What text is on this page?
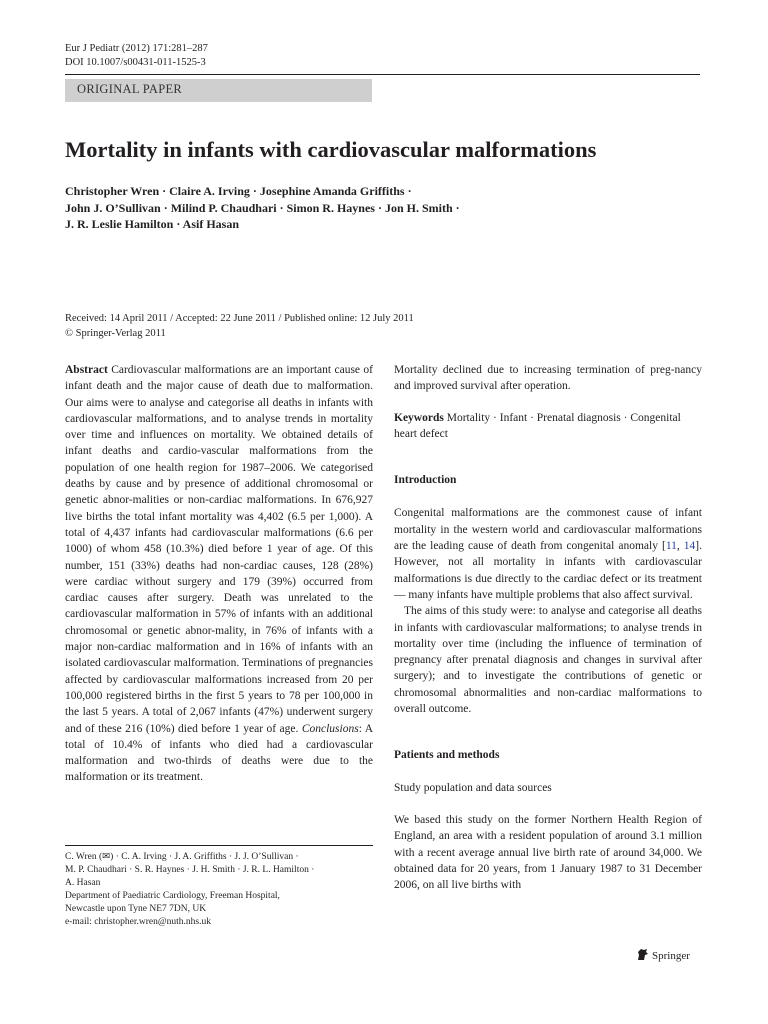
Eur J Pediatr (2012) 171:281–287
DOI 10.1007/s00431-011-1525-3
ORIGINAL PAPER
Mortality in infants with cardiovascular malformations
Christopher Wren · Claire A. Irving · Josephine Amanda Griffiths ·
John J. O’Sullivan · Milind P. Chaudhari · Simon R. Haynes · Jon H. Smith ·
J. R. Leslie Hamilton · Asif Hasan
Received: 14 April 2011 / Accepted: 22 June 2011 / Published online: 12 July 2011
© Springer-Verlag 2011

Abstract Cardiovascular malformations are an important cause of infant death and the major cause of death due to malformation. Our aims were to analyse and categorise all deaths in infants with cardiovascular malformations, and to analyse trends in mortality over time and influences on mortality. We obtained details of infant deaths and cardio-vascular malformations from the population of one health region for 1987–2006. We categorised deaths by cause and by presence of additional chromosomal or genetic abnor-malities or non-cardiac malformations. In 676,927 live births the total infant mortality was 4,402 (6.5 per 1,000). A total of 4,437 infants had cardiovascular malformations (6.6 per 1000) of whom 458 (10.3%) died before 1 year of age. Of this number, 151 (33%) deaths had non-cardiac causes, 128 (28%) were cardiac without surgery and 179 (39%) occurred from cardiac causes after surgery. Death was unrelated to the cardiovascular malformation in 57% of infants with an additional chromosomal or genetic abnor-mality, in 76% of infants with a major non-cardiac malformation and in 16% of infants with an isolated cardiovascular malformation. Terminations of pregnancies affected by cardiovascular malformations increased from 20 per 100,000 registered births in the first 5 years to 78 per 100,000 in the last 5 years. A total of 2,067 infants (47%) underwent surgery and of these 216 (10%) died before 1 year of age. Conclusions: A total of 10.4% of infants who died had a cardiovascular malformation and two-thirds of deaths were due to the malformation or its treatment.

C. Wren (✉) · C. A. Irving · J. A. Griffiths · J. J. O’Sullivan ·
M. P. Chaudhari · S. R. Haynes · J. H. Smith · J. R. L. Hamilton ·
A. Hasan
Department of Paediatric Cardiology, Freeman Hospital,
Newcastle upon Tyne NE7 7DN, UK
e-mail: christopher.wren@nuth.nhs.uk

Mortality declined due to increasing termination of preg-nancy and improved survival after operation.

Keywords Mortality · Infant · Prenatal diagnosis · Congenital heart defect

Introduction

Congenital malformations are the commonest cause of infant mortality in the western world and cardiovascular malformations are the leading cause of death from congenital anomaly [11, 14]. However, not all mortality in infants with cardiovascular malformations is due directly to the cardiac defect or its treatment — many infants have multiple problems that also affect survival.

The aims of this study were: to analyse and categorise all deaths in infants with cardiovascular malformations; to analyse trends in mortality over time (including the influence of termination of pregnancy after prenatal diagnosis and changes in survival after surgery); and to investigate the contributions of genetic or chromosomal abnormalities and non-cardiac malformations to overall outcome.

Patients and methods
Study population and data sources

We based this study on the former Northern Health Region of England, an area with a resident population of around 3.1 million with a recent average annual live birth rate of around 34,000. We obtained data for 20 years, from 1 January 1987 to 31 December 2006, on all live births with

Springer
